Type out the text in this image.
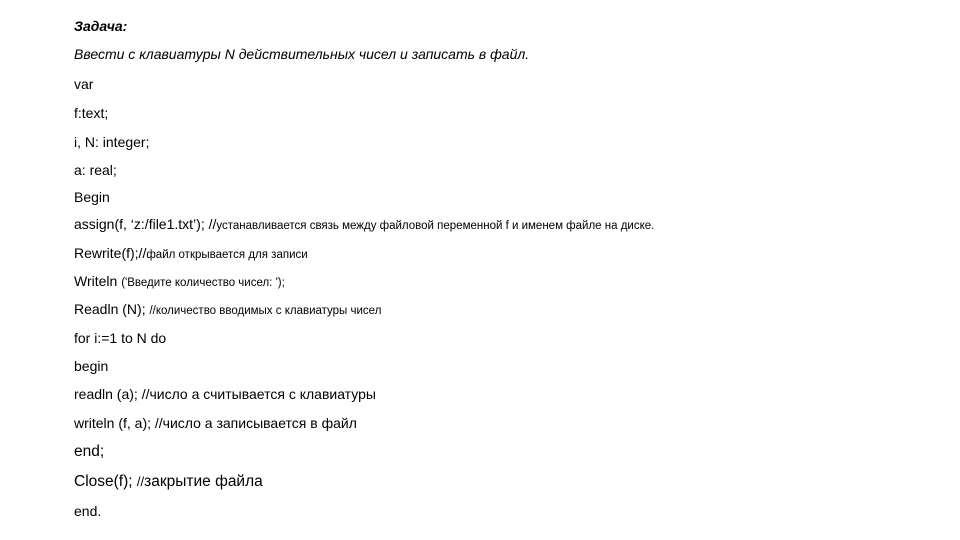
Задача:
Ввести с клавиатуры N действительных чисел и записать в файл.
var
f:text;
i, N: integer;
a: real;
Begin
assign(f, ‘z:/file1.txt’); //устанавливается связь между файловой переменной f и именем файле на диске.
Rewrite(f);//файл открывается для записи
Writeln ('Введите количество чисел: ');
Readln (N); //количество вводимых с клавиатуры чисел
for i:=1 to N do
begin
readln (a); //число а считывается с клавиатуры
writeln (f, a); //число а записывается в файл
end;
Close(f); //закрытие файла
end.
